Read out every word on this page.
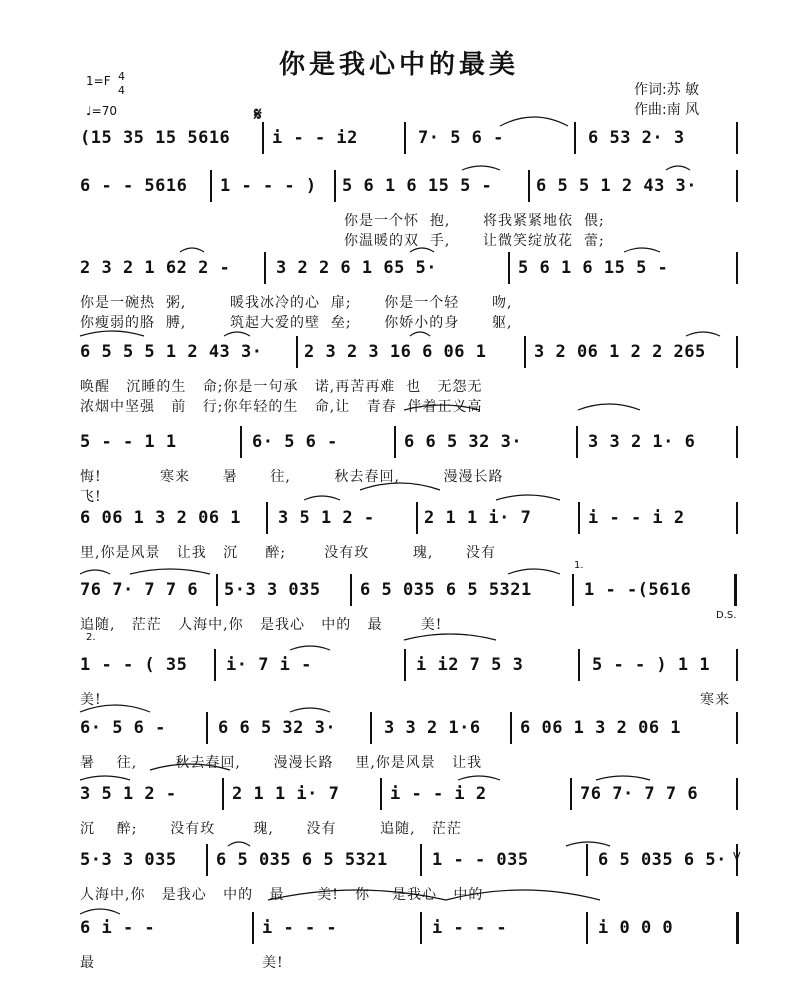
你是我心中的最美
1=F 4
4
♩=70
作词:苏 敏
作曲:南 风
𝄋
(15 35 15 5616 i - - i2	7· 5 6 -	6 53 2· 3
6 - - 5616 1 - - - ) 5 6 1 6 15 5 -	6 5 5 1 2 43 3·
你是一个怀  抱,      将我紧紧地依  偎;
你温暖的双  手,      让微笑绽放花  蕾;
2 3 2 1 62 2 -	3 2 2 6 1 65 5·	5 6 1 6 15 5 -
你是一碗热  粥,        暖我冰冷的心  扉;      你是一个轻      吻,
你瘦弱的胳  膊,        筑起大爱的壁  垒;      你娇小的身      躯,
6 5 5 5 1 2 43 3· 2 3 2 3 16 6 06 1	3 2 06 1 2 2 265
唤醒   沉睡的生   命;你是一句承   诺,再苦再难  也   无怨无
浓烟中坚强   前   行;你年轻的生   命,让   青春  伴着正义高
5 - - 1 1	6· 5 6 -	6 6 5 32 3·	3 3 2 1· 6
悔!
飞!
寒来      暑      往,        秋去春回,        漫漫长路
6 06 1 3 2 06 1 3 5 1 2 -	2 1 1 i· 7	i - - i 2
里,你是风景   让我   沉     醉;       没有玫        瑰,      没有
76 7· 7 7 6 5·3 3 035 6 5 035 6 5 5321	1 - -(5616
追随,   茫茫   人海中,你   是我心   中的   最       美!
1 - - ( 35 i· 7 i -	i i2 7 5 3	5 - - ) 1 1
美!	寒来
6· 5 6 -	6 6 5 32 3·	3 3 2 1·6 6 06 1 3 2 06 1
暑    往,       秋去春回,      漫漫长路    里,你是风景   让我
3 5 1 2 -	2 1 1 i· 7	i - - i 2	76 7· 7 7 6
沉    醉;      没有玫       瑰,      没有        追随,   茫茫
5·3 3 035 6 5 035 6 5 5321	1 - - 035	6 5 035 6 5·
人海中,你   是我心   中的   最      美!   你    是我心   中的
6 i - -	i - - -	i - - -	i 0 0 0
最	美!
D.S.
1.
2.
V
